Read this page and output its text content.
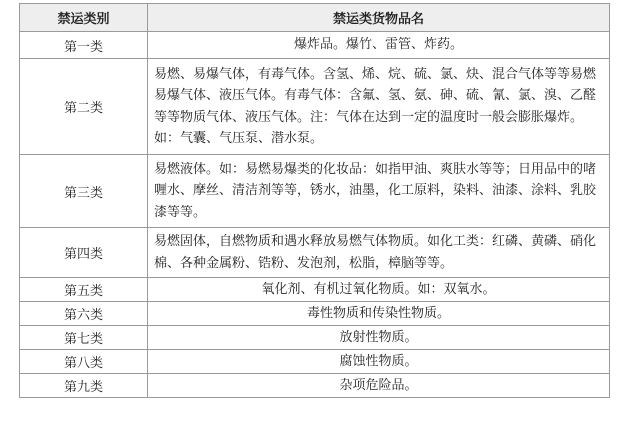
禁运类别	禁运类货物品名
第一类	爆炸品。爆竹、雷管、炸药。
第二类	易燃、易爆气体，有毒气体。含氢、烯、烷、硫、氯、炔、混合气体等等易燃易爆气体、液压气体。有毒气体：含氟、氢、氨、砷、硫、氰、氯、溴、乙醛等等物质气体、液压气体。注：气体在达到一定的温度时一般会膨胀爆炸。如：气囊、气压泵、潜水泵。
第三类	易燃液体。如：易燃易爆类的化妆品：如指甲油、爽肤水等等；日用品中的啫喱水、摩丝、清洁剂等等，锈水，油墨，化工原料，染料、油漆、涂料、乳胶漆等等。
第四类	易燃固体，自燃物质和遇水释放易燃气体物质。如化工类：红磷、黄磷、硝化棉、各种金属粉、锆粉、发泡剂，松脂，樟脑等等。
第五类	氧化剂、有机过氧化物质。如：双氧水。
第六类	毒性物质和传染性物质。
第七类	放射性物质。
第八类	腐蚀性物质。
第九类	杂项危险品。
